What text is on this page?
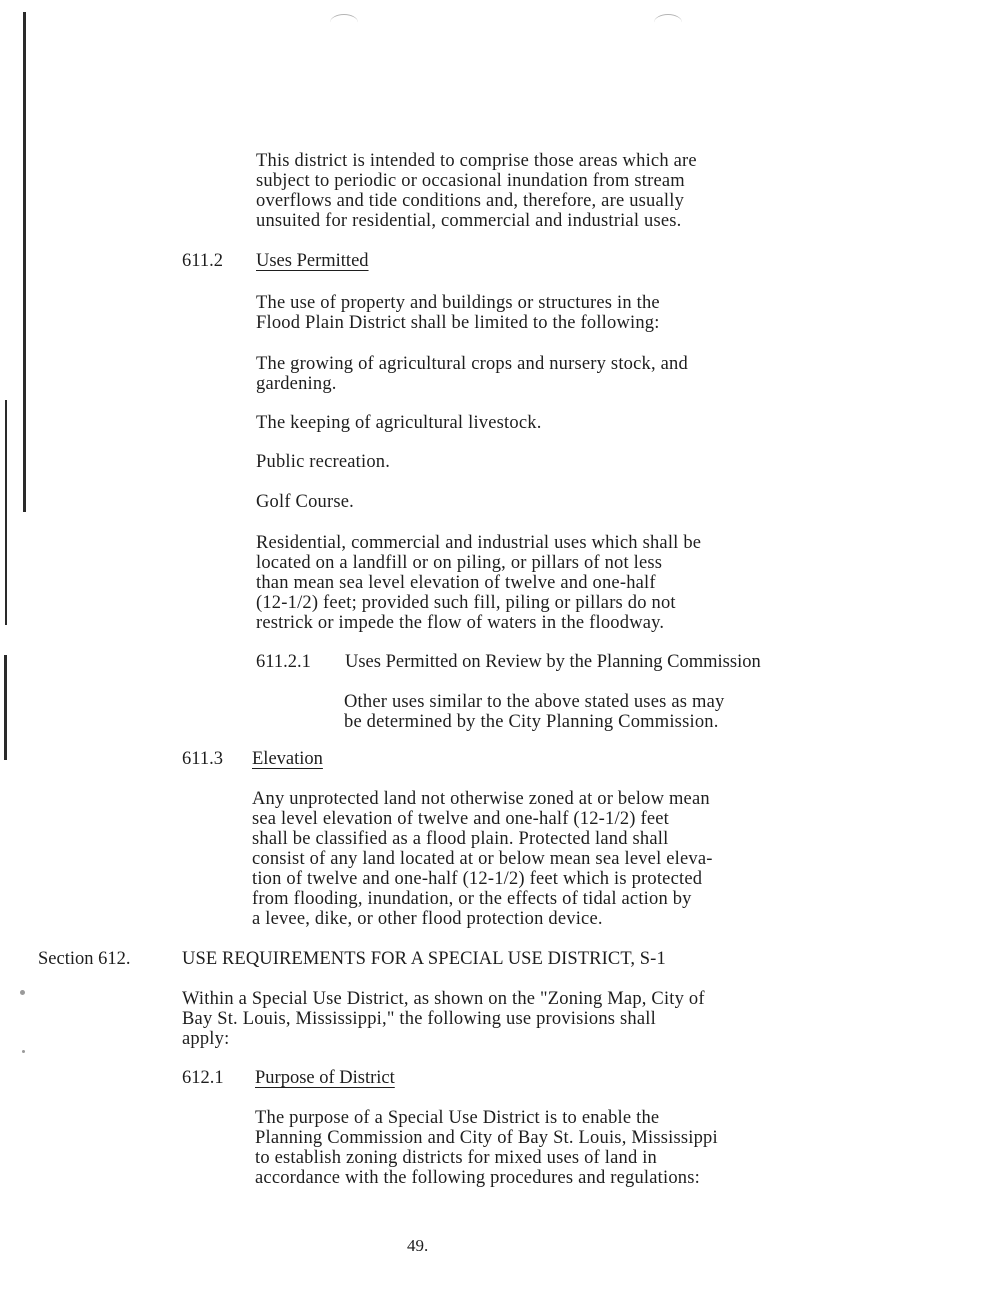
This district is intended to comprise those areas which are
subject to periodic or occasional inundation from stream
overflows and tide conditions and, therefore, are usually
unsuited for residential, commercial and industrial uses.

611.2 Uses Permitted

The use of property and buildings or structures in the
Flood Plain District shall be limited to the following:

The growing of agricultural crops and nursery stock, and
gardening.

The keeping of agricultural livestock.

Public recreation.

Golf Course.

Residential, commercial and industrial uses which shall be
located on a landfill or on piling, or pillars of not less
than mean sea level elevation of twelve and one-half
(12-1/2) feet; provided such fill, piling or pillars do not
restrick or impede the flow of waters in the floodway.

611.2.1 Uses Permitted on Review by the Planning Commission

Other uses similar to the above stated uses as may
be determined by the City Planning Commission.

611.3 Elevation

Any unprotected land not otherwise zoned at or below mean
sea level elevation of twelve and one-half (12-1/2) feet
shall be classified as a flood plain. Protected land shall
consist of any land located at or below mean sea level eleva-
tion of twelve and one-half (12-1/2) feet which is protected
from flooding, inundation, or the effects of tidal action by
a levee, dike, or other flood protection device.

Section 612.	USE REQUIREMENTS FOR A SPECIAL USE DISTRICT, S-1

Within a Special Use District, as shown on the "Zoning Map, City of
Bay St. Louis, Mississippi," the following use provisions shall
apply:

612.1 Purpose of District

The purpose of a Special Use District is to enable the
Planning Commission and City of Bay St. Louis, Mississippi
to establish zoning districts for mixed uses of land in
accordance with the following procedures and regulations:

49.
